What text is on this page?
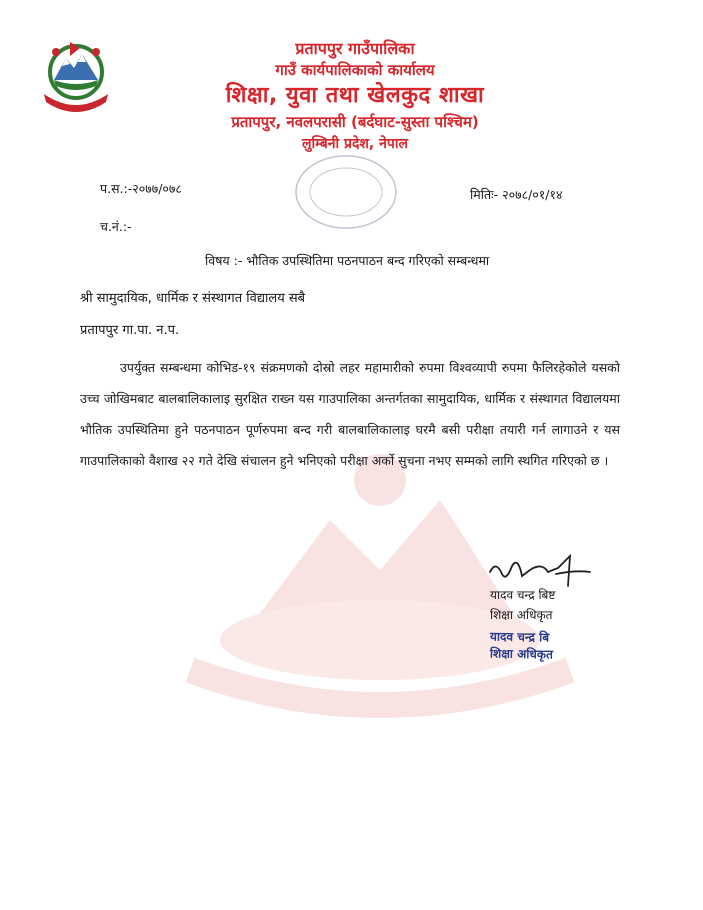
प्रतापपुर गाउँपालिका
गाउँ कार्यपालिकाको कार्यालय
शिक्षा, युवा तथा खेलकुद शाखा
प्रतापपुर, नवलपरासी (बर्दघाट-सुस्ता पश्चिम)
लुम्बिनी प्रदेश, नेपाल
प.स.:-२०७७/०७८	मितिः- २०७८/०१/१४
च.नं.:-
विषय :- भौतिक उपस्थितिमा पठनपाठन बन्द गरिएको सम्बन्धमा
श्री सामुदायिक, धार्मिक र संस्थागत विद्यालय सबै
प्रतापपुर गा.पा. न.प.
उपर्युक्त सम्बन्धमा कोभिड-१९ संक्रमणको दोस्रो लहर महामारीको रुपमा विश्वव्यापी रुपमा फैलिरहेकोले यसको उच्च जोखिमबाट बालबालिकालाइ सुरक्षित राख्न यस गाउपालिका अन्तर्गतका सामुदायिक, धार्मिक र संस्थागत विद्यालयमा भौतिक उपस्थितिमा हुने पठनपाठन पूर्णरुपमा बन्द गरी बालबालिकालाइ घरमै बसी परीक्षा तयारी गर्न लागाउने र यस गाउपालिकाको वैशाख २२ गते देखि संचालन हुने भनिएको परीक्षा अर्को सुचना नभए सम्मको लागि स्थगित गरिएको छ ।
यादव चन्द्र बिष्ट
शिक्षा अधिकृत
यादव चन्द्र बि
शिक्षा अधिकृत
